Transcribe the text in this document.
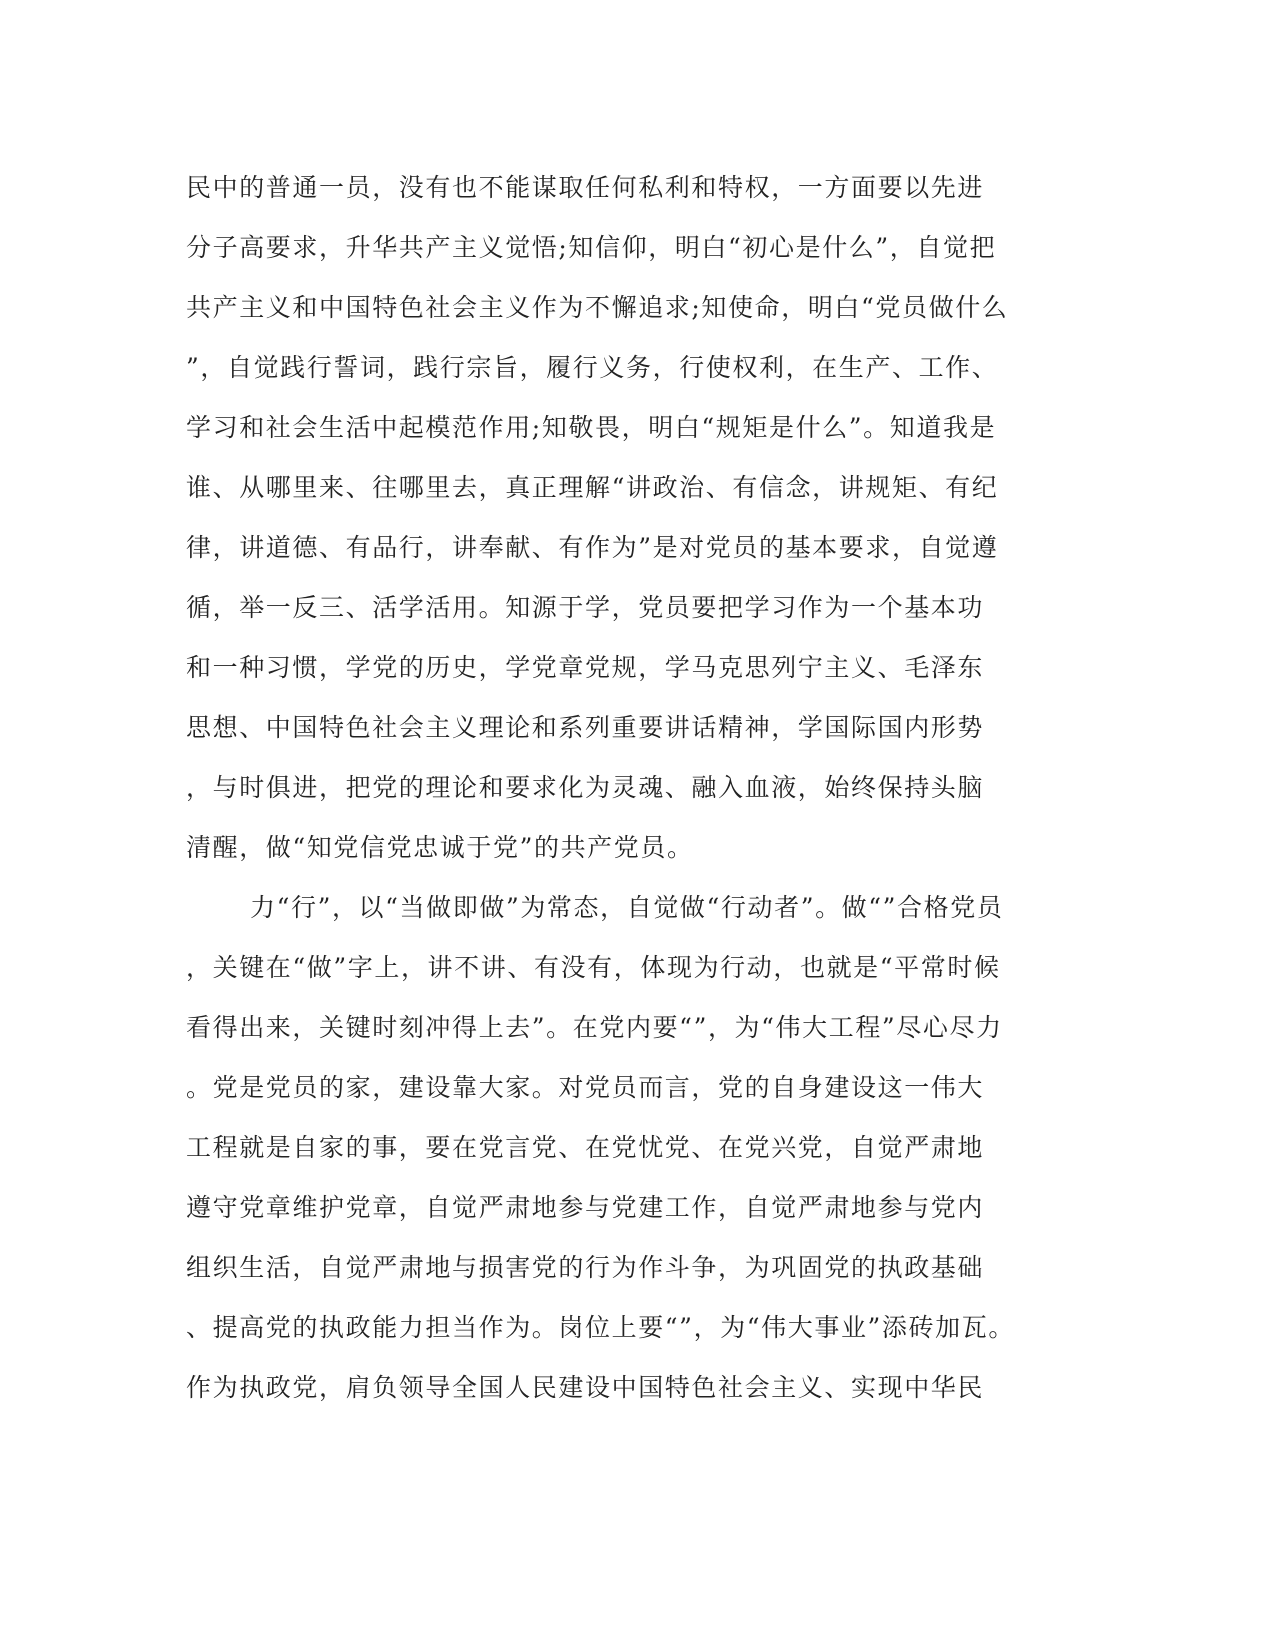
民中的普通一员，没有也不能谋取任何私利和特权，一方面要以先进
分子高要求，升华共产主义觉悟;知信仰，明白“初心是什么”，自觉把
共产主义和中国特色社会主义作为不懈追求;知使命，明白“党员做什么
”，自觉践行誓词，践行宗旨，履行义务，行使权利，在生产、工作、
学习和社会生活中起模范作用;知敬畏，明白“规矩是什么”。知道我是
谁、从哪里来、往哪里去，真正理解“讲政治、有信念，讲规矩、有纪
律，讲道德、有品行，讲奉献、有作为”是对党员的基本要求，自觉遵
循，举一反三、活学活用。知源于学，党员要把学习作为一个基本功
和一种习惯，学党的历史，学党章党规，学马克思列宁主义、毛泽东
思想、中国特色社会主义理论和系列重要讲话精神，学国际国内形势
，与时俱进，把党的理论和要求化为灵魂、融入血液，始终保持头脑
清醒，做“知党信党忠诚于党”的共产党员。
力“行”，以“当做即做”为常态，自觉做“行动者”。做“”合格党员
，关键在“做”字上，讲不讲、有没有，体现为行动，也就是“平常时候
看得出来，关键时刻冲得上去”。在党内要“”，为“伟大工程”尽心尽力
。党是党员的家，建设靠大家。对党员而言，党的自身建设这一伟大
工程就是自家的事，要在党言党、在党忧党、在党兴党，自觉严肃地
遵守党章维护党章，自觉严肃地参与党建工作，自觉严肃地参与党内
组织生活，自觉严肃地与损害党的行为作斗争，为巩固党的执政基础
、提高党的执政能力担当作为。岗位上要“”，为“伟大事业”添砖加瓦。
作为执政党，肩负领导全国人民建设中国特色社会主义、实现中华民
